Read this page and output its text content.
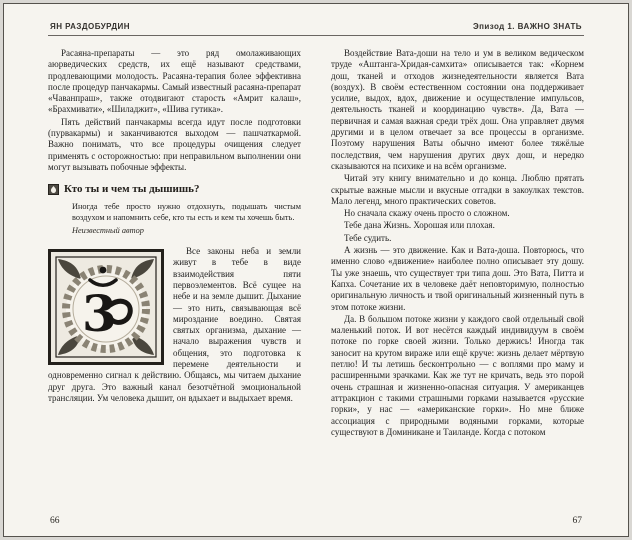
ЯН РАЗДОБУРДИН	Эпизод 1. ВАЖНО ЗНАТЬ

Расаяна-препараты — это ряд омолаживающих аюрведических средств, их ещё называют средствами, продлевающими молодость. Расаяна-терапия более эффективна после процедур панчакармы. Самый известный расаяна-препарат «Чаванпраш», также отодвигают старость «Амрит калаш», «Брахмивати», «Шиладжит», «Шива гутика».

Пять действий панчакармы всегда идут после подготовки (пурвакармы) и заканчиваются выходом — пашчаткармой. Важно понимать, что все процедуры очищения следует применять с осторожностью: при неправильном выполнении они могут вызывать побочные эффекты.

Кто ты и чем ты дышишь?

Иногда тебе просто нужно отдохнуть, подышать чистым воздухом и напомнить себе, кто ты есть и кем ты хочешь быть.

Неизвестный автор

3
Все законы неба и земли живут в тебе в виде взаимодействия пяти первоэлементов. Всё сущее на небе и на земле дышит. Дыхание — это нить, связывающая всё мироздание воедино. Святая святых организма, дыхание — начало выражения чувств и общения, это подготовка к перемене деятельности и одновременно сигнал к действию. Общаясь, мы читаем дыхание друг друга. Это важный канал безотчётной эмоциональной трансляции. Ум человека дышит, он вдыхает и выдыхает время.

Воздействие Вата-доши на тело и ум в великом ведическом труде «Аштанга-Хридая-самхита» описывается так: «Корнем дош, тканей и отходов жизнедеятельности является Вата (воздух). В своём естественном состоянии она поддерживает усилие, выдох, вдох, движение и осуществление импульсов, деятельность тканей и координацию чувств». Да, Вата — первичная и самая важная среди трёх дош. Она управляет двумя другими и в целом отвечает за все процессы в организме. Поэтому нарушения Ваты обычно имеют более тяжёлые последствия, чем нарушения других двух дош, и нередко сказываются на психике и на всём организме.

Читай эту книгу внимательно и до конца. Люблю прятать скрытые важные мысли и вкусные отгадки в закоулках текстов. Мало легенд, много практических советов.

Но сначала скажу очень просто о сложном.

Тебе дана Жизнь. Хорошая или плохая.

Тебе судить.

А жизнь — это движение. Как и Вата-доша. Повторюсь, что именно слово «движение» наиболее полно описывает эту дошу. Ты уже знаешь, что существует три типа дош. Это Вата, Питта и Капха. Сочетание их в человеке даёт неповторимую, полностью оригинальную личность и твой оригинальный жизненный путь в этом потоке жизни.

Да. В большом потоке жизни у каждого свой отдельный свой маленький поток. И вот несётся каждый индивидуум в своём потоке по горке своей жизни. Только держись! Иногда так заносит на крутом вираже или ещё круче: жизнь делает мёртвую петлю! И ты летишь бесконтрольно — с воплями про маму и расширенными зрачками. Как же тут не кричать, ведь это порой очень страшная и жизненно-опасная ситуация. У американцев аттракцион с такими страшными горками называется «русские горки», у нас — «американские горки». Но мне ближе ассоциация с природными водяными горками, которые существуют в Доминикане и Таиланде. Когда с потоком

66	67
